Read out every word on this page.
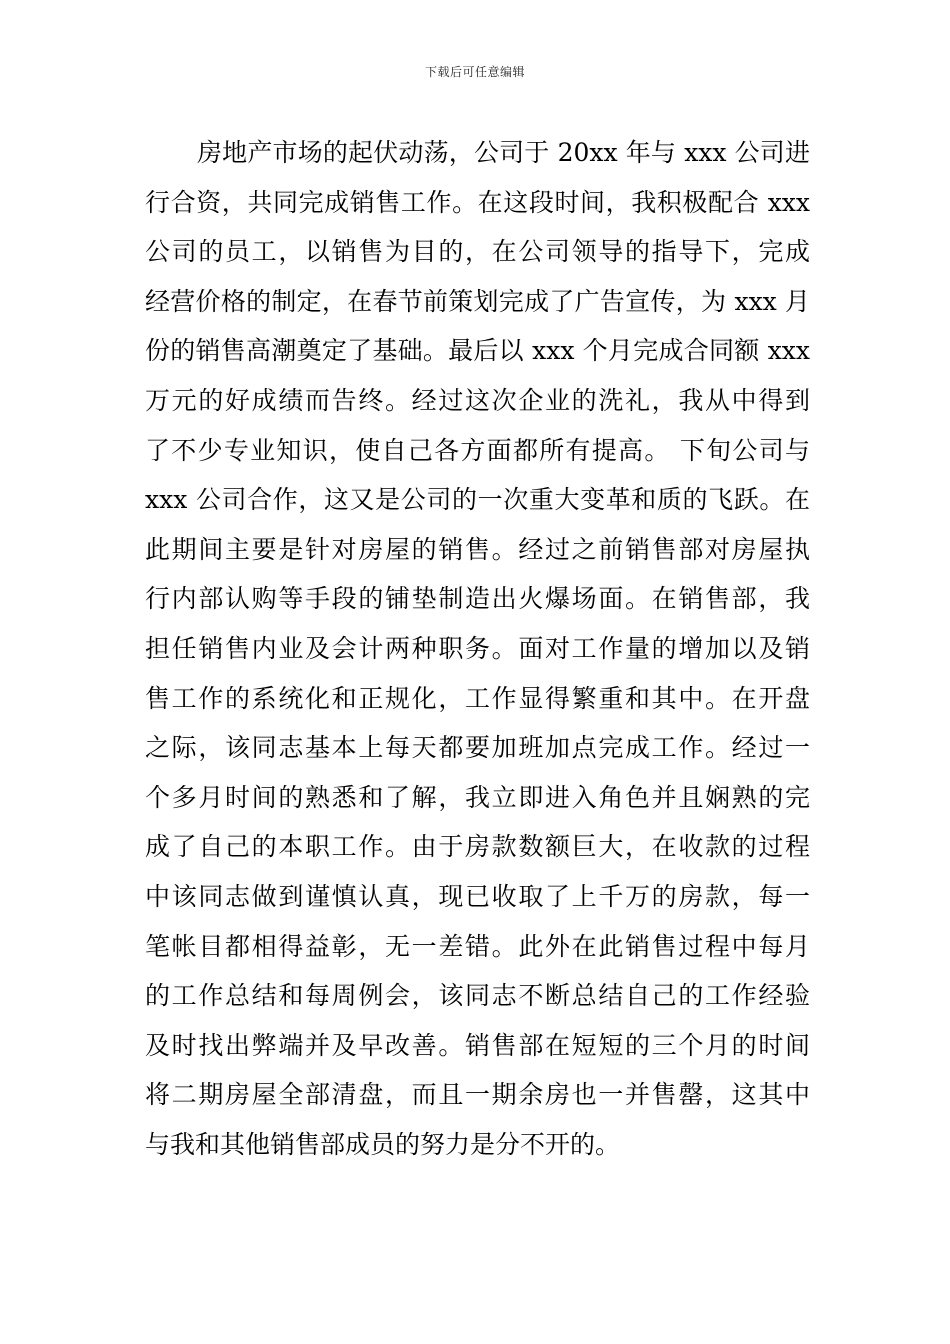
下载后可任意编辑
房地产市场的起伏动荡，公司于 20xx 年与 xxx 公司进
行合资，共同完成销售工作。在这段时间，我积极配合 xxx
公司的员工，以销售为目的，在公司领导的指导下，完成
经营价格的制定，在春节前策划完成了广告宣传，为 xxx 月
份的销售高潮奠定了基础。最后以 xxx 个月完成合同额 xxx
万元的好成绩而告终。经过这次企业的洗礼，我从中得到
了不少专业知识，使自己各方面都所有提高。 下旬公司与
xxx 公司合作，这又是公司的一次重大变革和质的飞跃。在
此期间主要是针对房屋的销售。经过之前销售部对房屋执
行内部认购等手段的铺垫制造出火爆场面。在销售部，我
担任销售内业及会计两种职务。面对工作量的增加以及销
售工作的系统化和正规化，工作显得繁重和其中。在开盘
之际，该同志基本上每天都要加班加点完成工作。经过一
个多月时间的熟悉和了解，我立即进入角色并且娴熟的完
成了自己的本职工作。由于房款数额巨大，在收款的过程
中该同志做到谨慎认真，现已收取了上千万的房款，每一
笔帐目都相得益彰，无一差错。此外在此销售过程中每月
的工作总结和每周例会，该同志不断总结自己的工作经验
及时找出弊端并及早改善。销售部在短短的三个月的时间
将二期房屋全部清盘，而且一期余房也一并售罄，这其中
与我和其他销售部成员的努力是分不开的。
